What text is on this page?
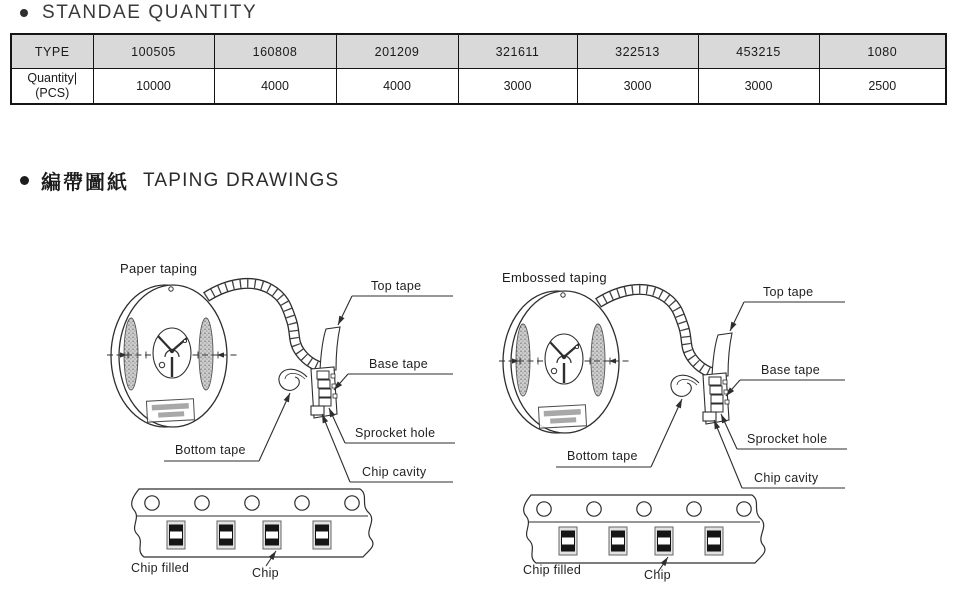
STANDAE QUANTITY
TYPE	100505	160808	201209	321611	322513	453215	1080
Quantity|
(PCS)	10000	4000	4000	3000	3000	3000	2500
編帶圖紙 TAPING DRAWINGS
Paper taping
Top tape
Base tape
Sprocket hole
Chip cavity
Bottom tape
Chip filled	Chip
Embossed taping
Top tape
Base tape
Sprocket hole
Chip cavity
Bottom tape
Chip filled	Chip
